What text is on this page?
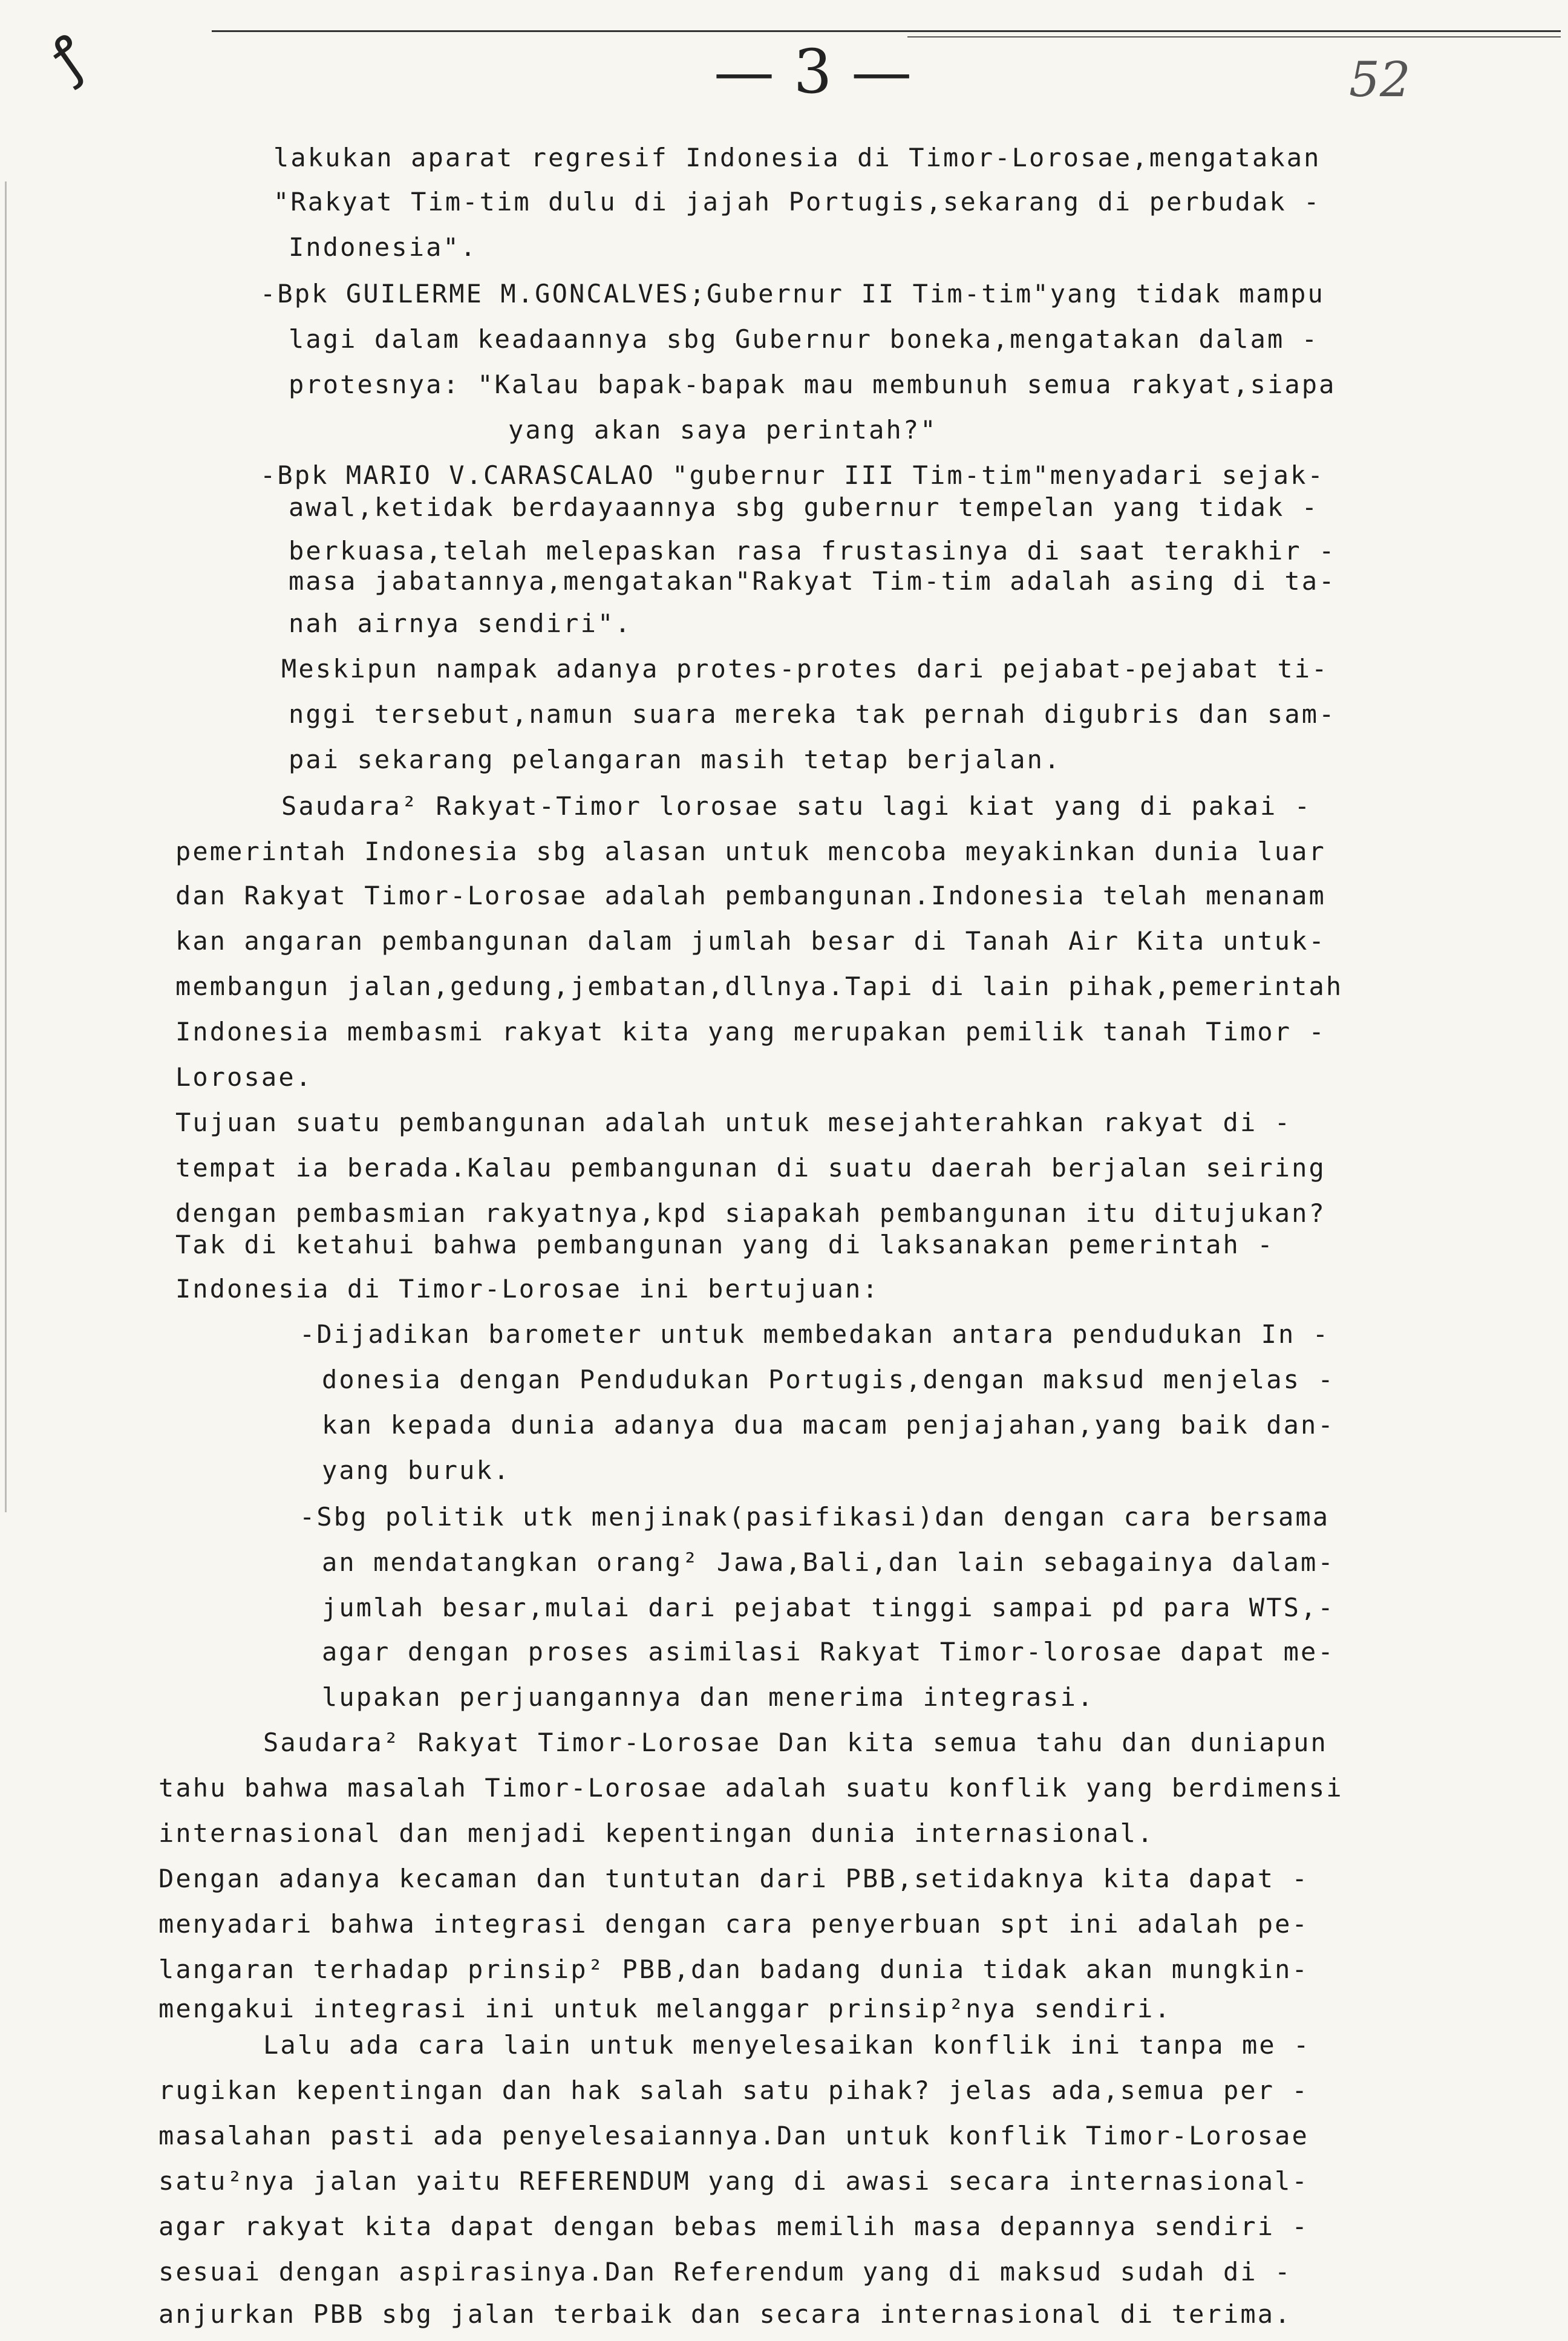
ꝭ	— 3 —	52
lakukan aparat regresif Indonesia di Timor-Lorosae,mengatakan
"Rakyat Tim-tim dulu di jajah Portugis,sekarang di perbudak -
Indonesia".
-Bpk GUILERME M.GONCALVES;Gubernur II Tim-tim"yang tidak mampu
lagi dalam keadaannya sbg Gubernur boneka,mengatakan dalam -
protesnya: "Kalau bapak-bapak mau membunuh semua rakyat,siapa
yang akan saya perintah?"
-Bpk MARIO V.CARASCALAO "gubernur III Tim-tim"menyadari sejak-
awal,ketidak berdayaannya sbg gubernur tempelan yang tidak -
berkuasa,telah melepaskan rasa frustasinya di saat terakhir -
masa jabatannya,mengatakan"Rakyat Tim-tim adalah asing di ta-
nah airnya sendiri".
Meskipun nampak adanya protes-protes dari pejabat-pejabat ti-
nggi tersebut,namun suara mereka tak pernah digubris dan sam-
pai sekarang pelangaran masih tetap berjalan.
Saudara² Rakyat-Timor lorosae satu lagi kiat yang di pakai -
pemerintah Indonesia sbg alasan untuk mencoba meyakinkan dunia luar
dan Rakyat Timor-Lorosae adalah pembangunan.Indonesia telah menanam
kan angaran pembangunan dalam jumlah besar di Tanah Air Kita untuk-
membangun jalan,gedung,jembatan,dllnya.Tapi di lain pihak,pemerintah
Indonesia membasmi rakyat kita yang merupakan pemilik tanah Timor -
Lorosae.
Tujuan suatu pembangunan adalah untuk mesejahterahkan rakyat di -
tempat ia berada.Kalau pembangunan di suatu daerah berjalan seiring
dengan pembasmian rakyatnya,kpd siapakah pembangunan itu ditujukan?
Tak di ketahui bahwa pembangunan yang di laksanakan pemerintah -
Indonesia di Timor-Lorosae ini bertujuan:
-Dijadikan barometer untuk membedakan antara pendudukan In -
donesia dengan Pendudukan Portugis,dengan maksud menjelas -
kan kepada dunia adanya dua macam penjajahan,yang baik dan-
yang buruk.
-Sbg politik utk menjinak(pasifikasi)dan dengan cara bersama
an mendatangkan orang² Jawa,Bali,dan lain sebagainya dalam-
jumlah besar,mulai dari pejabat tinggi sampai pd para WTS,-
agar dengan proses asimilasi Rakyat Timor-lorosae dapat me-
lupakan perjuangannya dan menerima integrasi.
Saudara² Rakyat Timor-Lorosae Dan kita semua tahu dan duniapun
tahu bahwa masalah Timor-Lorosae adalah suatu konflik yang berdimensi
internasional dan menjadi kepentingan dunia internasional.
Dengan adanya kecaman dan tuntutan dari PBB,setidaknya kita dapat -
menyadari bahwa integrasi dengan cara penyerbuan spt ini adalah pe-
langaran terhadap prinsip² PBB,dan badang dunia tidak akan mungkin-
mengakui integrasi ini untuk melanggar prinsip²nya sendiri.
Lalu ada cara lain untuk menyelesaikan konflik ini tanpa me -
rugikan kepentingan dan hak salah satu pihak? jelas ada,semua per -
masalahan pasti ada penyelesaiannya.Dan untuk konflik Timor-Lorosae
satu²nya jalan yaitu REFERENDUM yang di awasi secara internasional-
agar rakyat kita dapat dengan bebas memilih masa depannya sendiri -
sesuai dengan aspirasinya.Dan Referendum yang di maksud sudah di -
anjurkan PBB sbg jalan terbaik dan secara internasional di terima.
